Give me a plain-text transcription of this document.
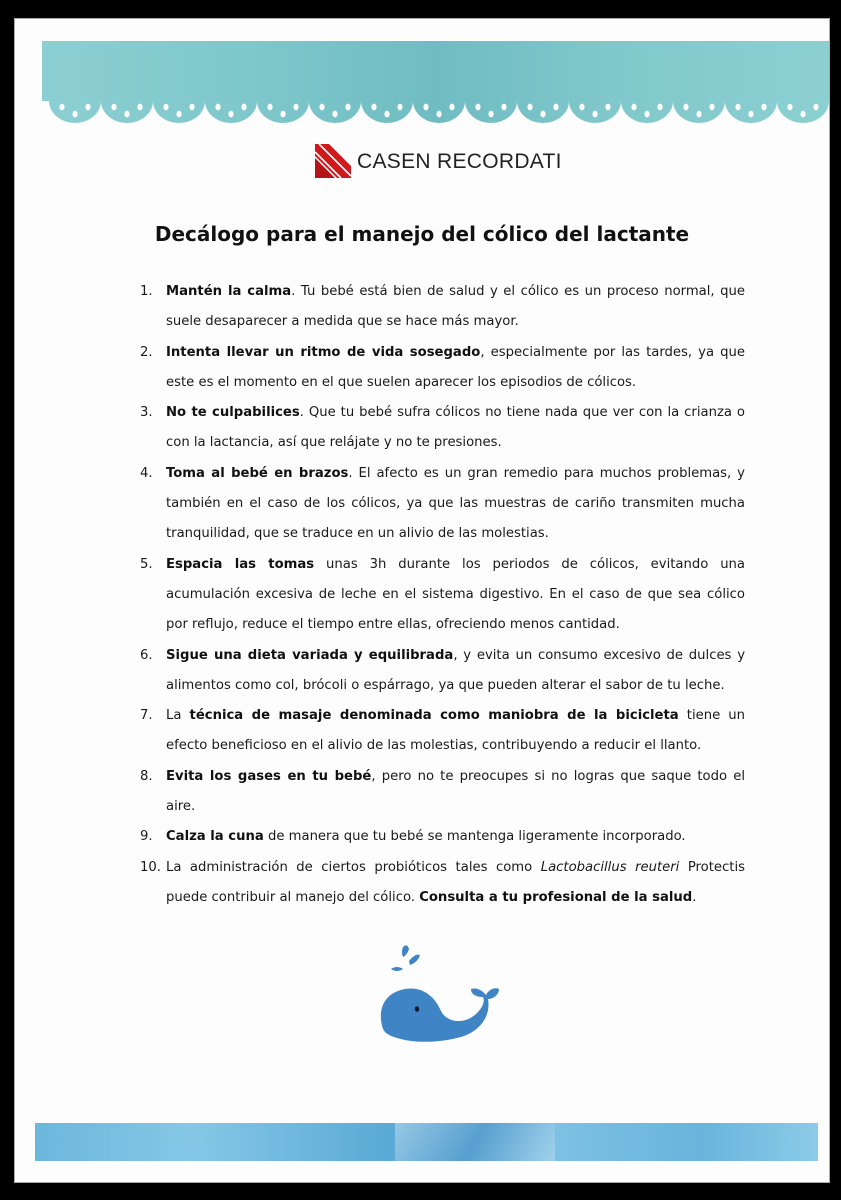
CASEN RECORDATI
Decálogo para el manejo del cólico del lactante
1. Mantén la calma. Tu bebé está bien de salud y el cólico es un proceso normal, que suele desaparecer a medida que se hace más mayor.
2. Intenta llevar un ritmo de vida sosegado, especialmente por las tardes, ya que este es el momento en el que suelen aparecer los episodios de cólicos.
3. No te culpabilices. Que tu bebé sufra cólicos no tiene nada que ver con la crianza o con la lactancia, así que relájate y no te presiones.
4. Toma al bebé en brazos. El afecto es un gran remedio para muchos problemas, y también en el caso de los cólicos, ya que las muestras de cariño transmiten mucha tranquilidad, que se traduce en un alivio de las molestias.
5. Espacia las tomas unas 3h durante los periodos de cólicos, evitando una acumulación excesiva de leche en el sistema digestivo. En el caso de que sea cólico por reflujo, reduce el tiempo entre ellas, ofreciendo menos cantidad.
6. Sigue una dieta variada y equilibrada, y evita un consumo excesivo de dulces y alimentos como col, brócoli o espárrago, ya que pueden alterar el sabor de tu leche.
7. La técnica de masaje denominada como maniobra de la bicicleta tiene un efecto beneficioso en el alivio de las molestias, contribuyendo a reducir el llanto.
8. Evita los gases en tu bebé, pero no te preocupes si no logras que saque todo el aire.
9. Calza la cuna de manera que tu bebé se mantenga ligeramente incorporado.
10. La administración de ciertos probióticos tales como Lactobacillus reuteri Protectis puede contribuir al manejo del cólico. Consulta a tu profesional de la salud.
